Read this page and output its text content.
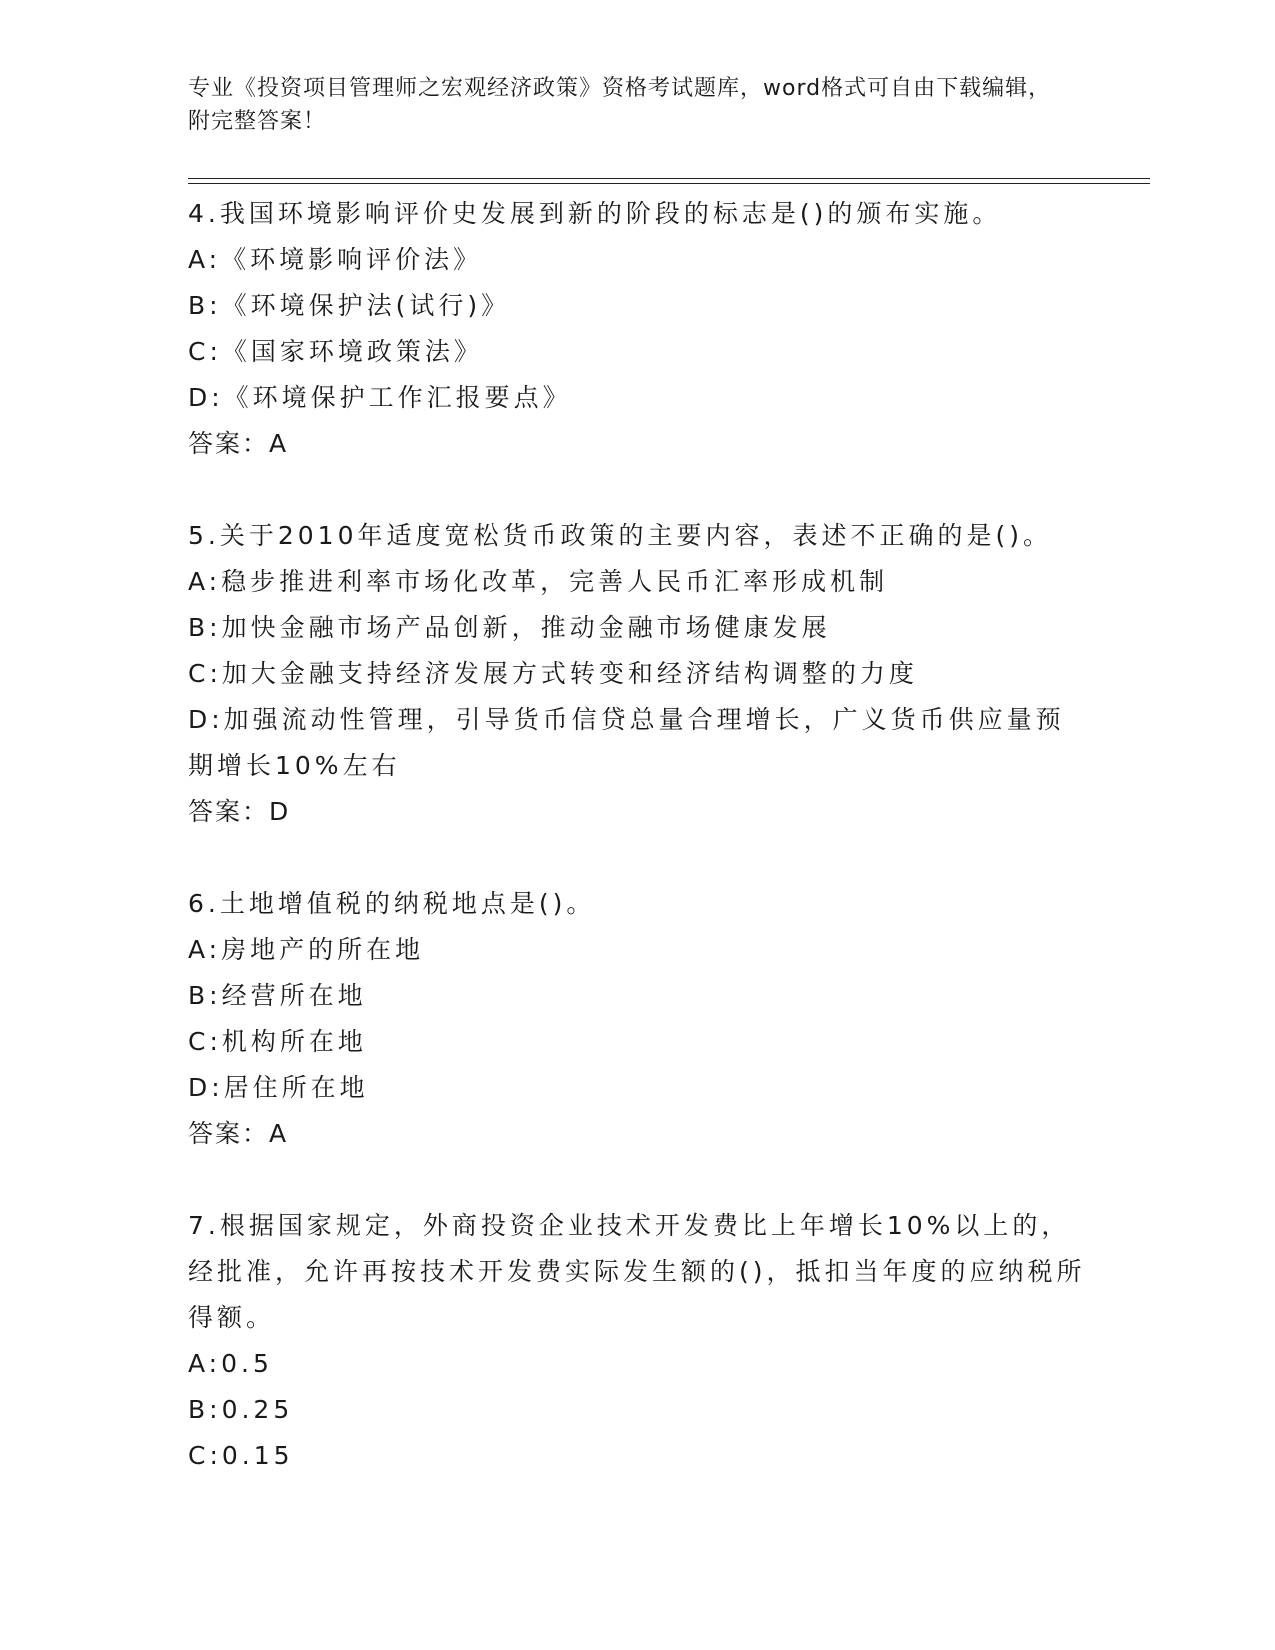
专业《投资项目管理师之宏观经济政策》资格考试题库，word格式可自由下载编辑，附完整答案！
4.我国环境影响评价史发展到新的阶段的标志是()的颁布实施。
A:《环境影响评价法》
B:《环境保护法(试行)》
C:《国家环境政策法》
D:《环境保护工作汇报要点》
答案：A
5.关于2010年适度宽松货币政策的主要内容，表述不正确的是()。
A:稳步推进利率市场化改革，完善人民币汇率形成机制
B:加快金融市场产品创新，推动金融市场健康发展
C:加大金融支持经济发展方式转变和经济结构调整的力度
D:加强流动性管理，引导货币信贷总量合理增长，广义货币供应量预期增长10%左右
答案：D
6.土地增值税的纳税地点是()。
A:房地产的所在地
B:经营所在地
C:机构所在地
D:居住所在地
答案：A
7.根据国家规定，外商投资企业技术开发费比上年增长10%以上的，经批准，允许再按技术开发费实际发生额的()，抵扣当年度的应纳税所得额。
A:0.5
B:0.25
C:0.15
